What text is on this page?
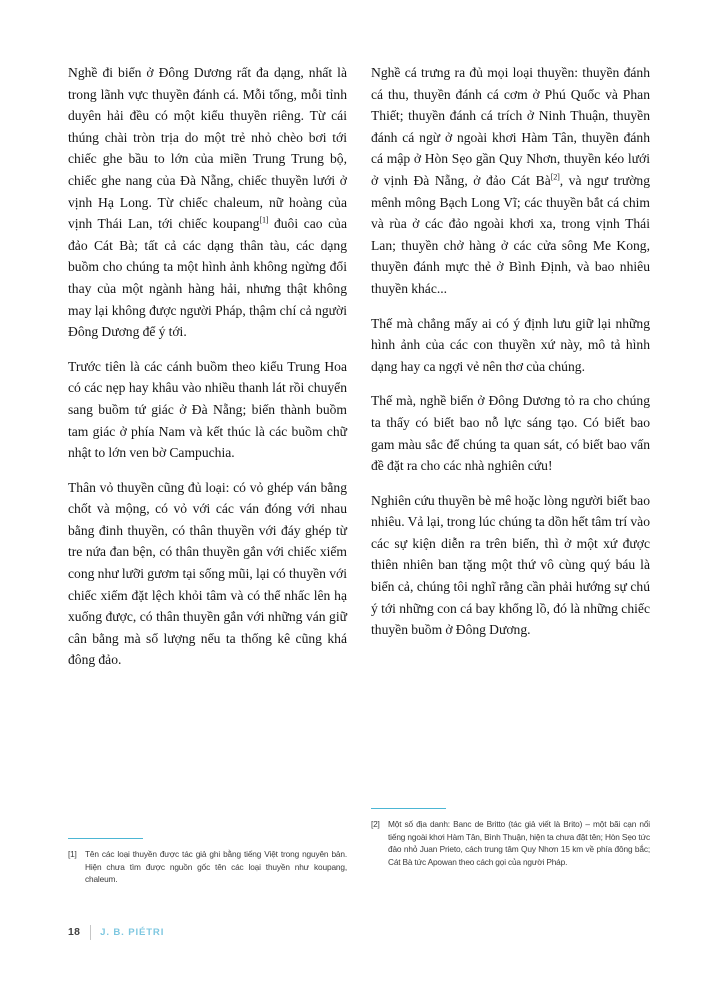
Nghề đi biển ở Đông Dương rất đa dạng, nhất là trong lãnh vực thuyền đánh cá. Mỗi tổng, mỗi tỉnh duyên hải đều có một kiểu thuyền riêng. Từ cái thúng chài tròn trịa do một trẻ nhỏ chèo bơi tới chiếc ghe bầu to lớn của miền Trung Trung bộ, chiếc ghe nang của Đà Nẵng, chiếc thuyền lưới ở vịnh Hạ Long. Từ chiếc chaleum, nữ hoàng của vịnh Thái Lan, tới chiếc koupang[1] đuôi cao của đảo Cát Bà; tất cả các dạng thân tàu, các dạng buồm cho chúng ta một hình ảnh không ngừng đổi thay của một ngành hàng hải, nhưng thật không may lại không được người Pháp, thậm chí cả người Đông Dương để ý tới.

Trước tiên là các cánh buồm theo kiểu Trung Hoa có các nẹp hay khâu vào nhiều thanh lát rồi chuyển sang buồm tứ giác ở Đà Nẵng; biến thành buồm tam giác ở phía Nam và kết thúc là các buồm chữ nhật to lớn ven bờ Campuchia.

Thân vỏ thuyền cũng đủ loại: có vỏ ghép ván bằng chốt và mộng, có vỏ với các ván đóng với nhau bằng đinh thuyền, có thân thuyền với đáy ghép từ tre nứa đan bện, có thân thuyền gắn với chiếc xiếm cong như lưỡi gươm tại sống mũi, lại có thuyền với chiếc xiếm đặt lệch khỏi tâm và có thể nhấc lên hạ xuống được, có thân thuyền gắn với những ván giữ cân bằng mà số lượng nếu ta thống kê cũng khá đông đảo.

Nghề cá trưng ra đủ mọi loại thuyền: thuyền đánh cá thu, thuyền đánh cá cơm ở Phú Quốc và Phan Thiết; thuyền đánh cá trích ở Ninh Thuận, thuyền đánh cá ngừ ở ngoài khơi Hàm Tân, thuyền đánh cá mập ở Hòn Sẹo gần Quy Nhơn, thuyền kéo lưới ở vịnh Đà Nẵng, ở đảo Cát Bà[2], và ngư trường mênh mông Bạch Long Vĩ; các thuyền bắt cá chim và rùa ở các đảo ngoài khơi xa, trong vịnh Thái Lan; thuyền chở hàng ở các cửa sông Me Kong, thuyền đánh mực thẻ ở Bình Định, và bao nhiêu thuyền khác...

Thế mà chẳng mấy ai có ý định lưu giữ lại những hình ảnh của các con thuyền xứ này, mô tả hình dạng hay ca ngợi vẻ nên thơ của chúng.

Thế mà, nghề biển ở Đông Dương tỏ ra cho chúng ta thấy có biết bao nỗ lực sáng tạo. Có biết bao gam màu sắc để chúng ta quan sát, có biết bao vấn đề đặt ra cho các nhà nghiên cứu!

Nghiên cứu thuyền bè mê hoặc lòng người biết bao nhiêu. Vả lại, trong lúc chúng ta dồn hết tâm trí vào các sự kiện diễn ra trên biển, thì ở một xứ được thiên nhiên ban tặng một thứ vô cùng quý báu là biển cả, chúng tôi nghĩ rằng cần phải hướng sự chú ý tới những con cá bay khổng lồ, đó là những chiếc thuyền buồm ở Đông Dương.

[1]	Tên các loại thuyền được tác giả ghi bằng tiếng Việt trong nguyên bản. Hiện chưa tìm được nguồn gốc tên các loại thuyền như koupang, chaleum.
[2]	Một số địa danh: Banc de Britto (tác giả viết là Brito) – một bãi cạn nổi tiếng ngoài khơi Hàm Tân, Bình Thuận, hiện ta chưa đặt tên; Hòn Sẹo tức đảo nhỏ Juan Prieto, cách trung tâm Quy Nhơn 15 km về phía đông bắc; Cát Bà tức Apowan theo cách gọi của người Pháp.
18 J. B. PIÉTRI
